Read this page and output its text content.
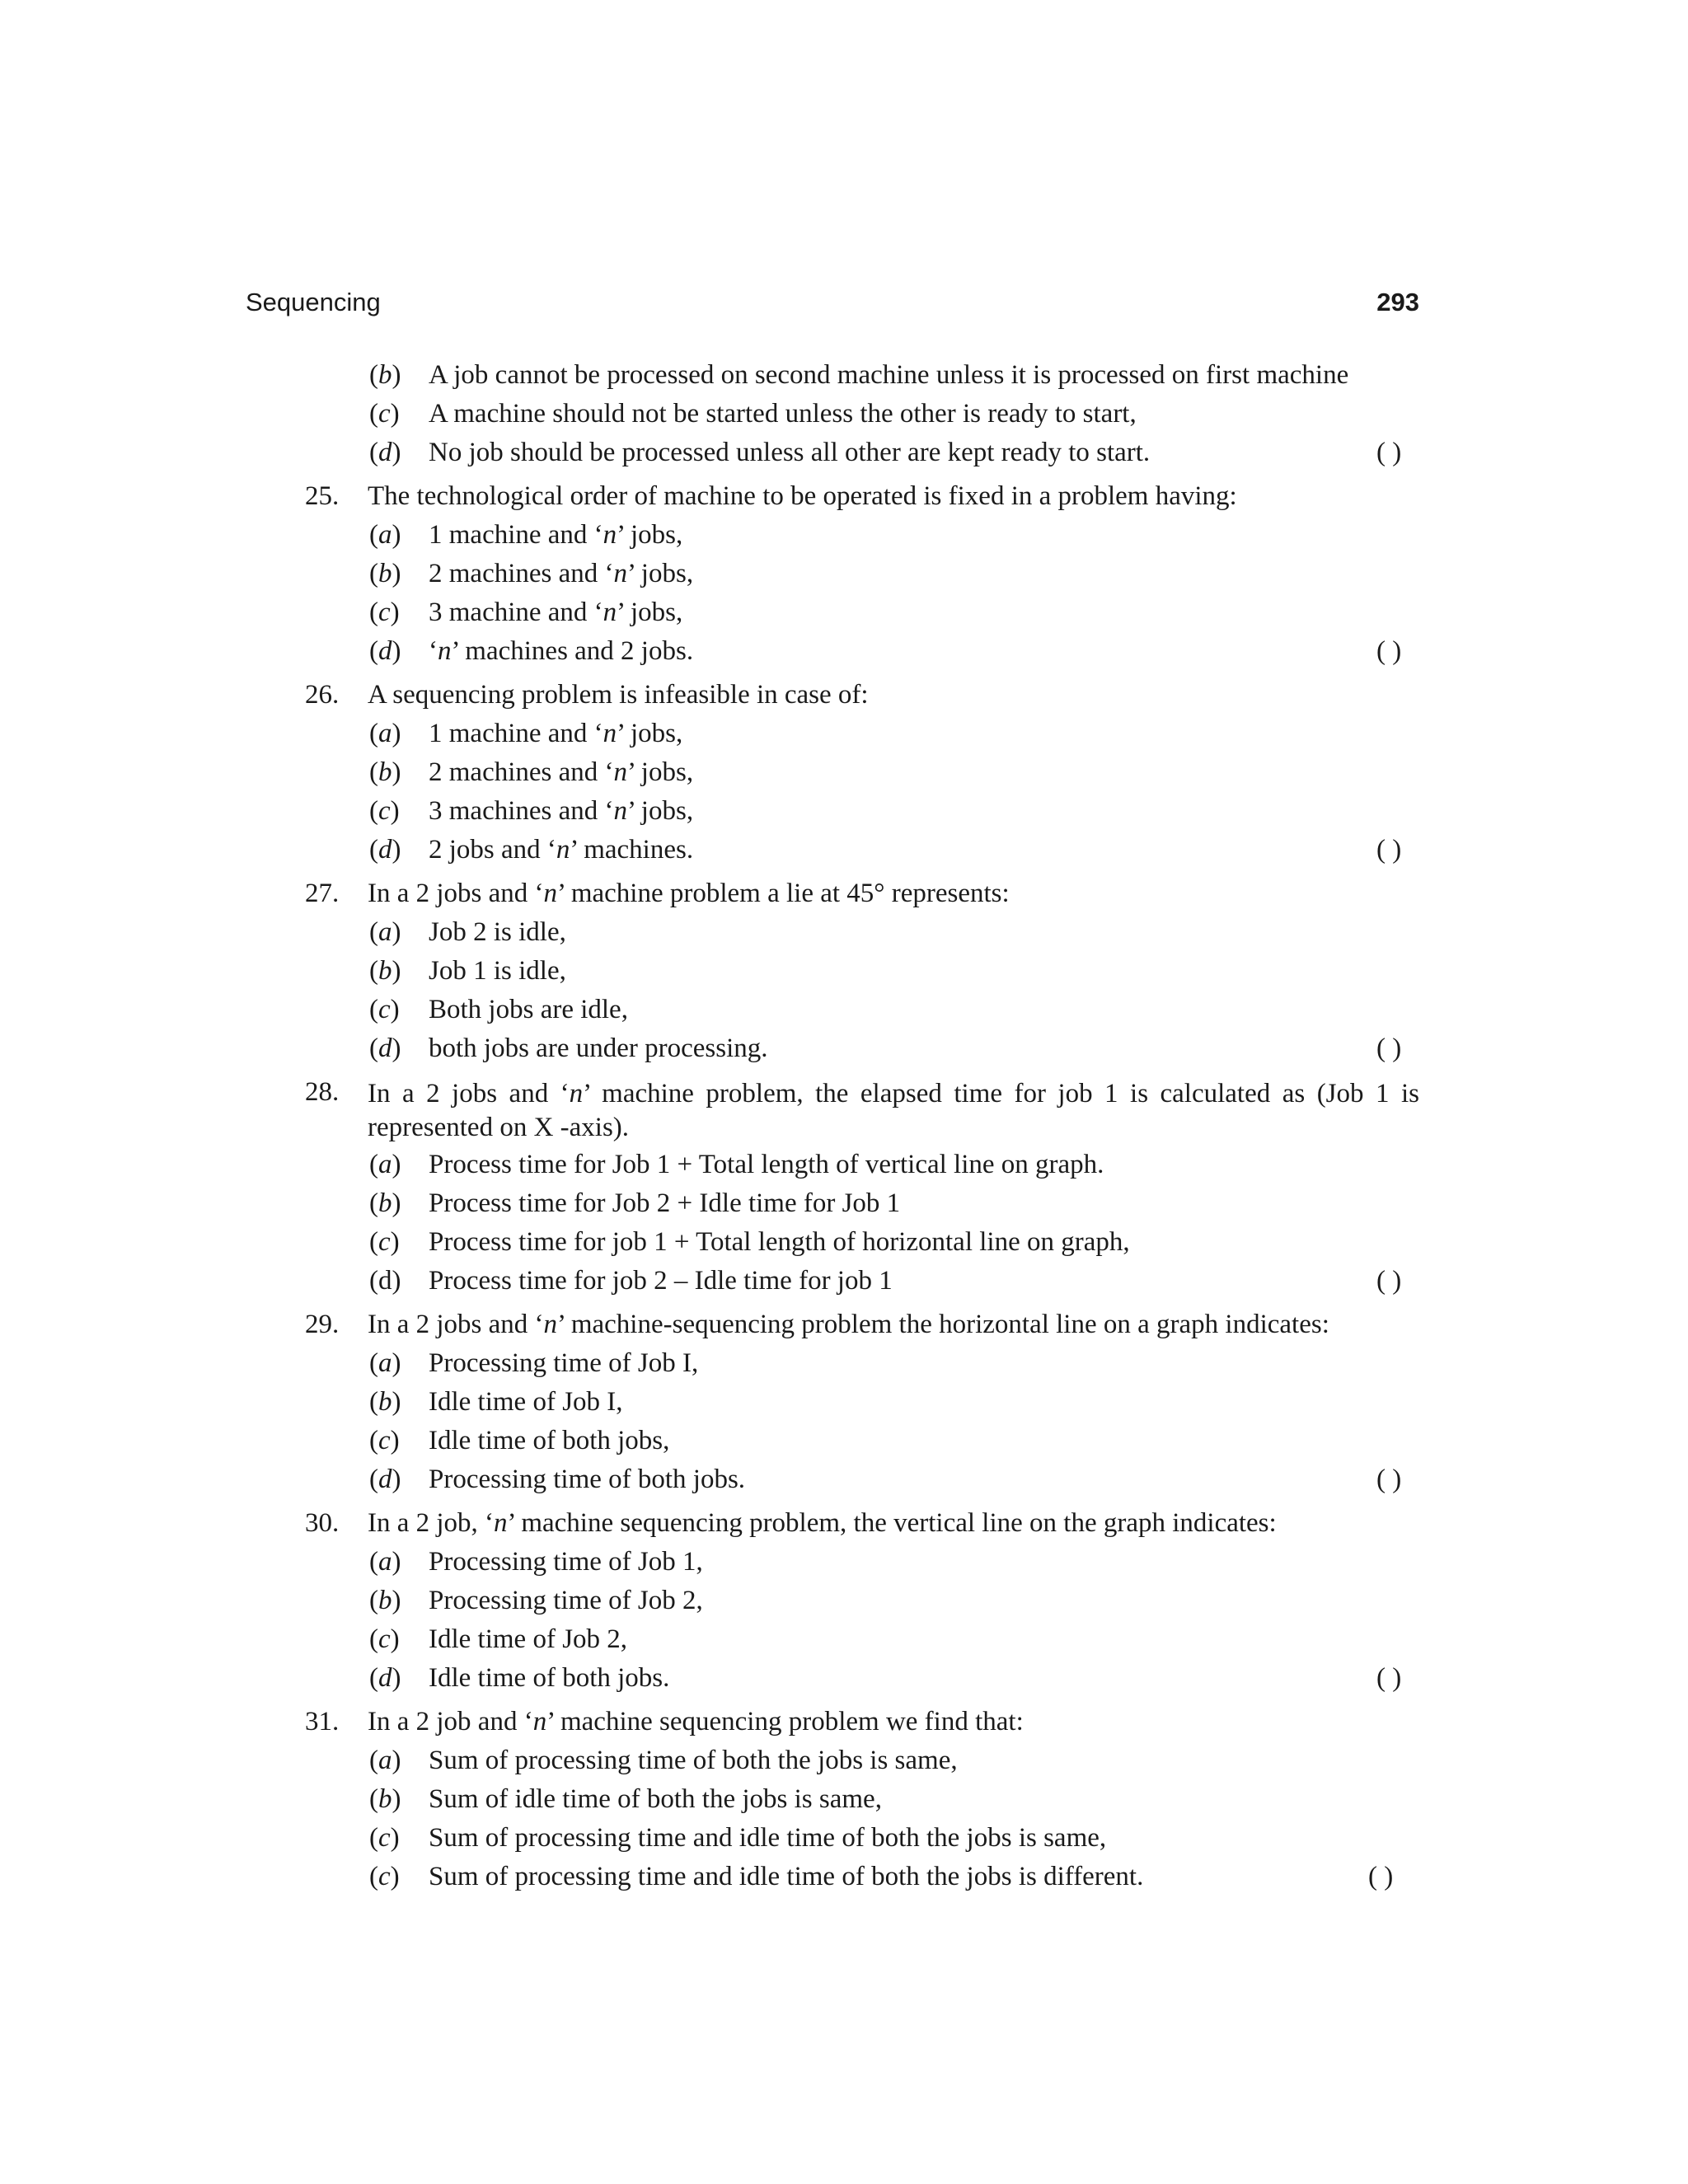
Sequencing	293
(b)	A job cannot be processed on second machine unless it is processed on first machine
(c)	A machine should not be started unless the other is ready to start,
(d)	No job should be processed unless all other are kept ready to start.	( )
25. The technological order of machine to be operated is fixed in a problem having:
(a)	1 machine and ‘n’ jobs,
(b)	2 machines and ‘n’ jobs,
(c)	3 machine and ‘n’ jobs,
(d)	‘n’ machines and 2 jobs.	( )
26. A sequencing problem is infeasible in case of:
(a)	1 machine and ‘n’ jobs,
(b)	2 machines and ‘n’ jobs,
(c)	3 machines and ‘n’ jobs,
(d)	2 jobs and ‘n’ machines.	( )
27. In a 2 jobs and ‘n’ machine problem a lie at 45° represents:
(a)	Job 2 is idle,
(b)	Job 1 is idle,
(c)	Both jobs are idle,
(d)	both jobs are under processing.	( )
28. In a 2 jobs and ‘n’ machine problem, the elapsed time for job 1 is calculated as (Job 1 is represented on X -axis).
(a)	Process time for Job 1 + Total length of vertical line on graph.
(b)	Process time for Job 2 + Idle time for Job 1
(c)	Process time for job 1 + Total length of horizontal line on graph,
(d)	Process time for job 2 – Idle time for job 1	( )
29. In a 2 jobs and ‘n’ machine-sequencing problem the horizontal line on a graph indicates:
(a)	Processing time of Job I,
(b)	Idle time of Job I,
(c)	Idle time of both jobs,
(d)	Processing time of both jobs.	( )
30. In a 2 job, ‘n’ machine sequencing problem, the vertical line on the graph indicates:
(a)	Processing time of Job 1,
(b)	Processing time of Job 2,
(c)	Idle time of Job 2,
(d)	Idle time of both jobs.	( )
31. In a 2 job and ‘n’ machine sequencing problem we find that:
(a)	Sum of processing time of both the jobs is same,
(b)	Sum of idle time of both the jobs is same,
(c)	Sum of processing time and idle time of both the jobs is same,
(c)	Sum of processing time and idle time of both the jobs is different.	( )
